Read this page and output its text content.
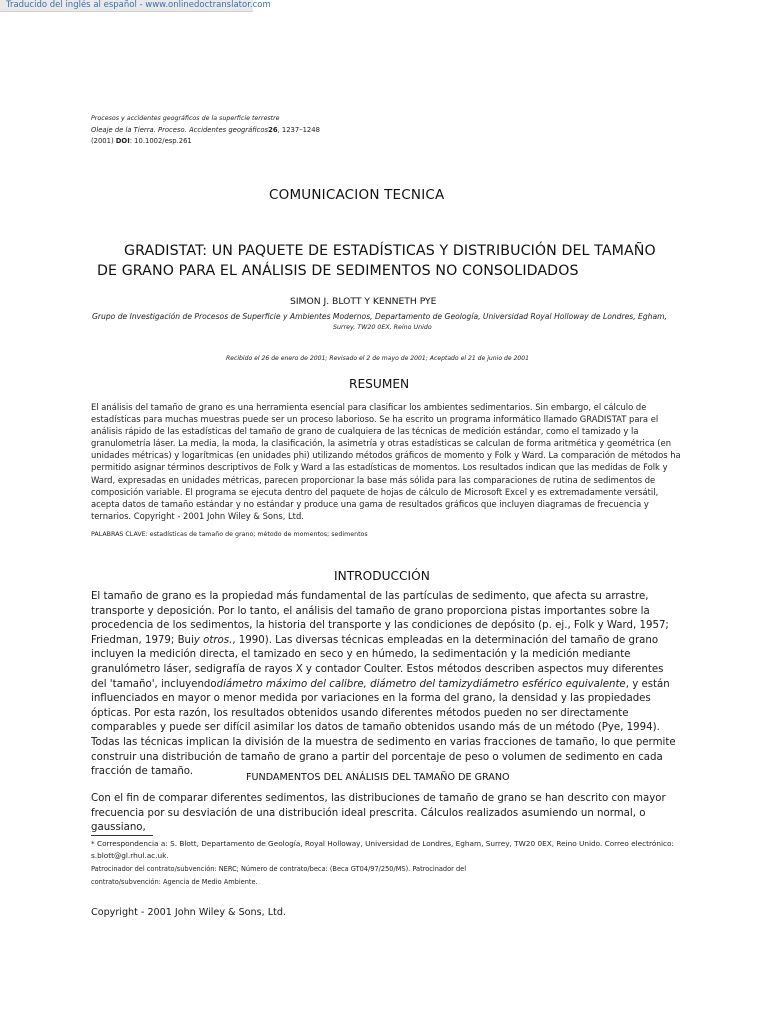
Traducido del inglés al español - www.onlinedoctranslator.com
Procesos y accidentes geográficos de la superficie terrestre
Oleaje de la Tierra. Proceso. Accidentes geográficos26, 1237–1248
(2001) DOI: 10.1002/esp.261
COMUNICACION TECNICA
GRADISTAT: UN PAQUETE DE ESTADÍSTICAS Y DISTRIBUCIÓN DEL TAMAÑO
DE GRANO PARA EL ANÁLISIS DE SEDIMENTOS NO CONSOLIDADOS
SIMON J. BLOTT Y KENNETH PYE
Grupo de Investigación de Procesos de Superficie y Ambientes Modernos, Departamento de Geología, Universidad Royal Holloway de Londres, Egham,
Surrey, TW20 0EX, Reino Unido
Recibido el 26 de enero de 2001; Revisado el 2 de mayo de 2001; Aceptado el 21 de junio de 2001
RESUMEN
El análisis del tamaño de grano es una herramienta esencial para clasificar los ambientes sedimentarios. Sin embargo, el cálculo de estadísticas para muchas muestras puede ser un proceso laborioso. Se ha escrito un programa informático llamado GRADISTAT para el análisis rápido de las estadísticas del tamaño de grano de cualquiera de las técnicas de medición estándar, como el tamizado y la granulometría láser. La media, la moda, la clasificación, la asimetría y otras estadísticas se calculan de forma aritmética y geométrica (en unidades métricas) y logarítmicas (en unidades phi) utilizando métodos gráficos de momento y Folk y Ward. La comparación de métodos ha permitido asignar términos descriptivos de Folk y Ward a las estadísticas de momentos. Los resultados indican que las medidas de Folk y Ward, expresadas en unidades métricas, parecen proporcionar la base más sólida para las comparaciones de rutina de sedimentos de composición variable. El programa se ejecuta dentro del paquete de hojas de cálculo de Microsoft Excel y es extremadamente versátil, acepta datos de tamaño estándar y no estándar y produce una gama de resultados gráficos que incluyen diagramas de frecuencia y ternarios. Copyright - 2001 John Wiley & Sons, Ltd.
PALABRAS CLAVE: estadísticas de tamaño de grano; método de momentos; sedimentos
INTRODUCCIÓN
El tamaño de grano es la propiedad más fundamental de las partículas de sedimento, que afecta su arrastre, transporte y deposición. Por lo tanto, el análisis del tamaño de grano proporciona pistas importantes sobre la procedencia de los sedimentos, la historia del transporte y las condiciones de depósito (p. ej., Folk y Ward, 1957; Friedman, 1979; Buiy otros., 1990). Las diversas técnicas empleadas en la determinación del tamaño de grano incluyen la medición directa, el tamizado en seco y en húmedo, la sedimentación y la medición mediante granulómetro láser, sedigrafía de rayos X y contador Coulter. Estos métodos describen aspectos muy diferentes del 'tamaño', incluyendodiámetro máximo del calibre, diámetro del tamizydiámetro esférico equivalente, y están influenciados en mayor o menor medida por variaciones en la forma del grano, la densidad y las propiedades ópticas. Por esta razón, los resultados obtenidos usando diferentes métodos pueden no ser directamente comparables y puede ser difícil asimilar los datos de tamaño obtenidos usando más de un método (Pye, 1994). Todas las técnicas implican la división de la muestra de sedimento en varias fracciones de tamaño, lo que permite construir una distribución de tamaño de grano a partir del porcentaje de peso o volumen de sedimento en cada fracción de tamaño.
FUNDAMENTOS DEL ANÁLISIS DEL TAMAÑO DE GRANO
Con el fin de comparar diferentes sedimentos, las distribuciones de tamaño de grano se han descrito con mayor frecuencia por su desviación de una distribución ideal prescrita. Cálculos realizados asumiendo un normal, o gaussiano,
* Correspondencia a: S. Blott, Departamento de Geología, Royal Holloway, Universidad de Londres, Egham, Surrey, TW20 0EX, Reino Unido. Correo electrónico: s.blott@gl.rhul.ac.uk.
Patrocinador del contrato/subvención: NERC; Número de contrato/beca: (Beca GT04/97/250/MS). Patrocinador del
contrato/subvención: Agencia de Medio Ambiente.
Copyright - 2001 John Wiley & Sons, Ltd.
